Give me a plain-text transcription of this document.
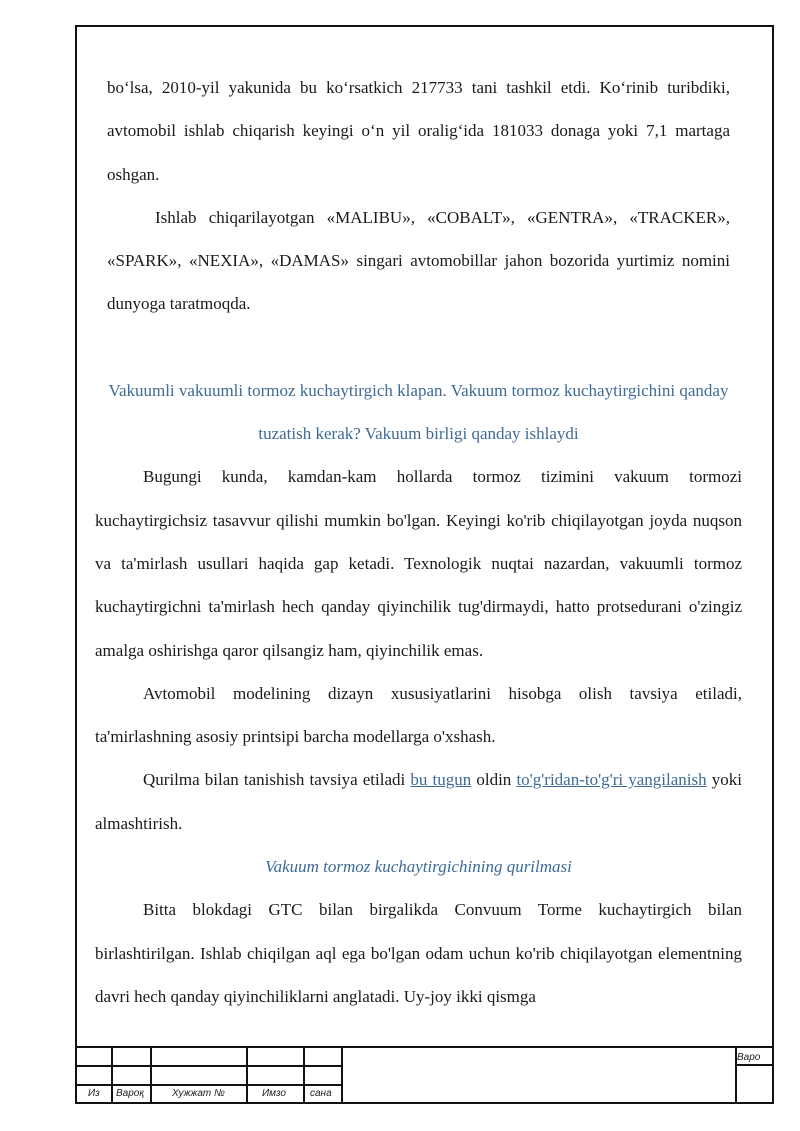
bo‘lsa, 2010-yil yakunida bu ko‘rsatkich 217733 tani tashkil etdi. Ko‘rinib turibdiki, avtomobil ishlab chiqarish keyingi o‘n yil oralig‘ida 181033 donaga yoki 7,1 martaga oshgan.

Ishlab chiqarilayotgan «MALIBU», «COBALT», «GENTRA», «TRACKER», «SPARK», «NEXIA», «DAMAS» singari avtomobillar jahon bozorida yurtimiz nomini dunyoga taratmoqda.

Vakuumli vakuumli tormoz kuchaytirgich klapan. Vakuum tormoz kuchaytirgichini qanday tuzatish kerak? Vakuum birligi qanday ishlaydi

Bugungi kunda, kamdan-kam hollarda tormoz tizimini vakuum tormozi kuchaytirgichsiz tasavvur qilishi mumkin bo'lgan. Keyingi ko'rib chiqilayotgan joyda nuqson va ta'mirlash usullari haqida gap ketadi. Texnologik nuqtai nazardan, vakuumli tormoz kuchaytirgichni ta'mirlash hech qanday qiyinchilik tug'dirmaydi, hatto protsedurani o'zingiz amalga oshirishga qaror qilsangiz ham, qiyinchilik emas.

Avtomobil modelining dizayn xususiyatlarini hisobga olish tavsiya etiladi, ta'mirlashning asosiy printsipi barcha modellarga o'xshash.

Qurilma bilan tanishish tavsiya etiladi bu tugun oldin to'g'ridan-to'g'ri yangilanish yoki almashtirish.

Vakuum tormoz kuchaytirgichining qurilmasi

Bitta blokdagi GTC bilan birgalikda Convuum Torme kuchaytirgich bilan birlashtirilgan. Ishlab chiqilgan aql ega bo'lgan odam uchun ko'rib chiqilayotgan elementning davri hech qanday qiyinchiliklarni anglatadi. Uy-joy ikki qismga

Из Вароқ	Хужжат №	Имзо сана
Варо
